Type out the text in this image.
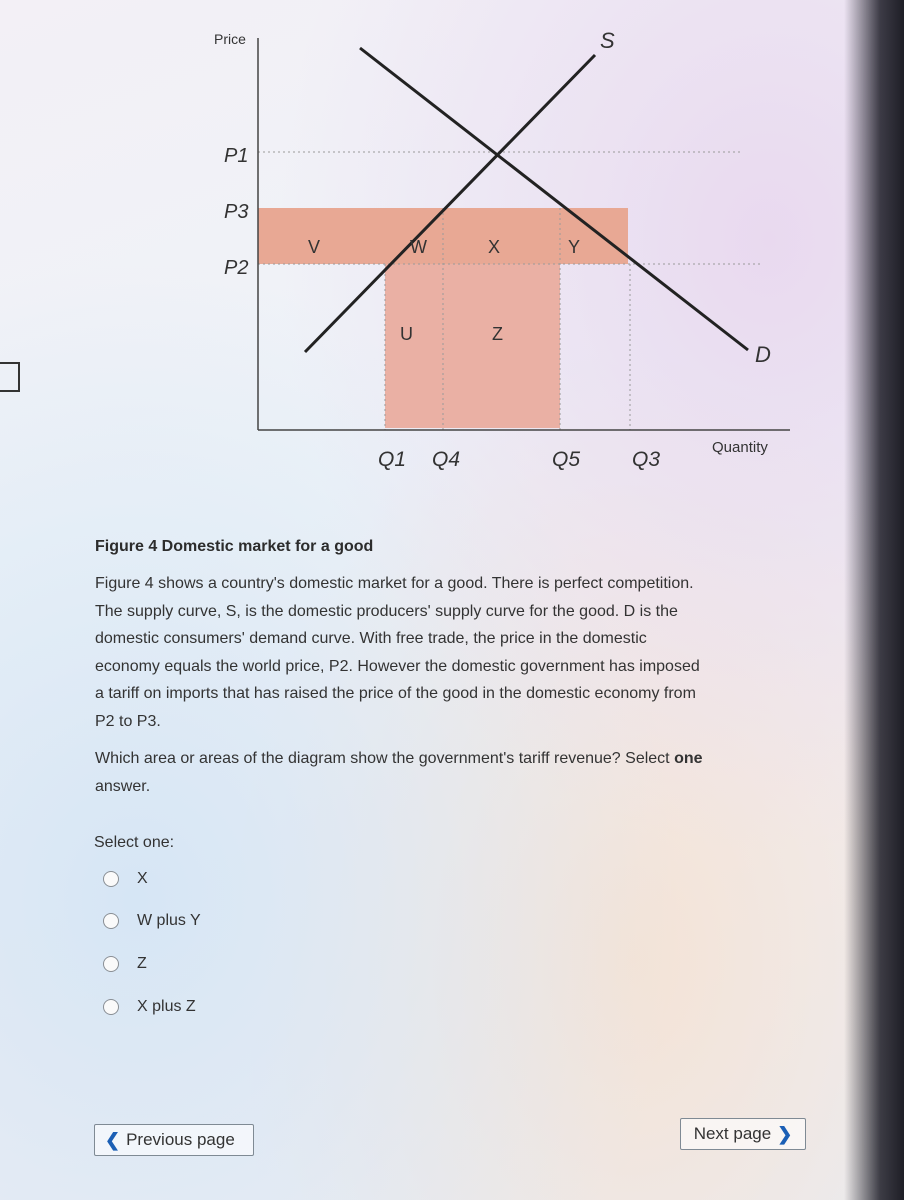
Price
Quantity
P1
P3
P2
Q1 Q4	Q5 Q3
S
D
V	W	X	Y
U	Z
Figure 4 Domestic market for a good
Figure 4 shows a country's domestic market for a good. There is perfect competition.
The supply curve, S, is the domestic producers' supply curve for the good. D is the
domestic consumers' demand curve. With free trade, the price in the domestic
economy equals the world price, P2. However the domestic government has imposed
a tariff on imports that has raised the price of the good in the domestic economy from
P2 to P3.
Which area or areas of the diagram show the government's tariff revenue? Select one
answer.
Select one:
X
W plus Y
Z
X plus Z
❮ Previous page	Next page ❯
